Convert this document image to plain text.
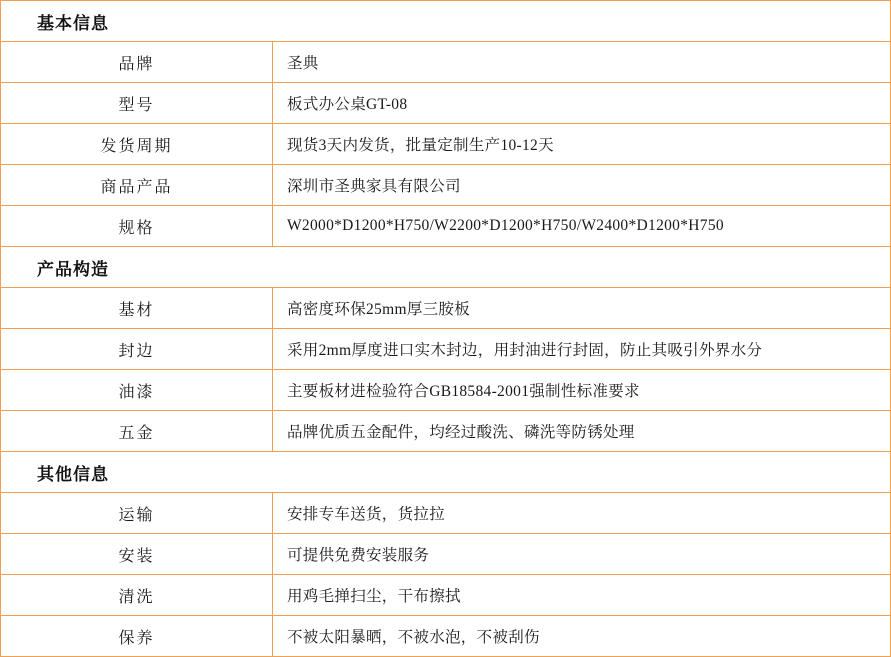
基本信息	
品牌	圣典
型号	板式办公桌GT-08
发货周期	现货3天内发货，批量定制生产10-12天
商品产品	深圳市圣典家具有限公司
规格	W2000*D1200*H750/W2200*D1200*H750/W2400*D1200*H750
产品构造	
基材	高密度环保25mm厚三胺板
封边	采用2mm厚度进口实木封边，用封油进行封固，防止其吸引外界水分
油漆	主要板材进检验符合GB18584-2001强制性标准要求
五金	品牌优质五金配件，均经过酸洗、磷洗等防锈处理
其他信息	
运输	安排专车送货，货拉拉
安装	可提供免费安装服务
清洗	用鸡毛掸扫尘，干布擦拭
保养	不被太阳暴晒，不被水泡，不被刮伤
